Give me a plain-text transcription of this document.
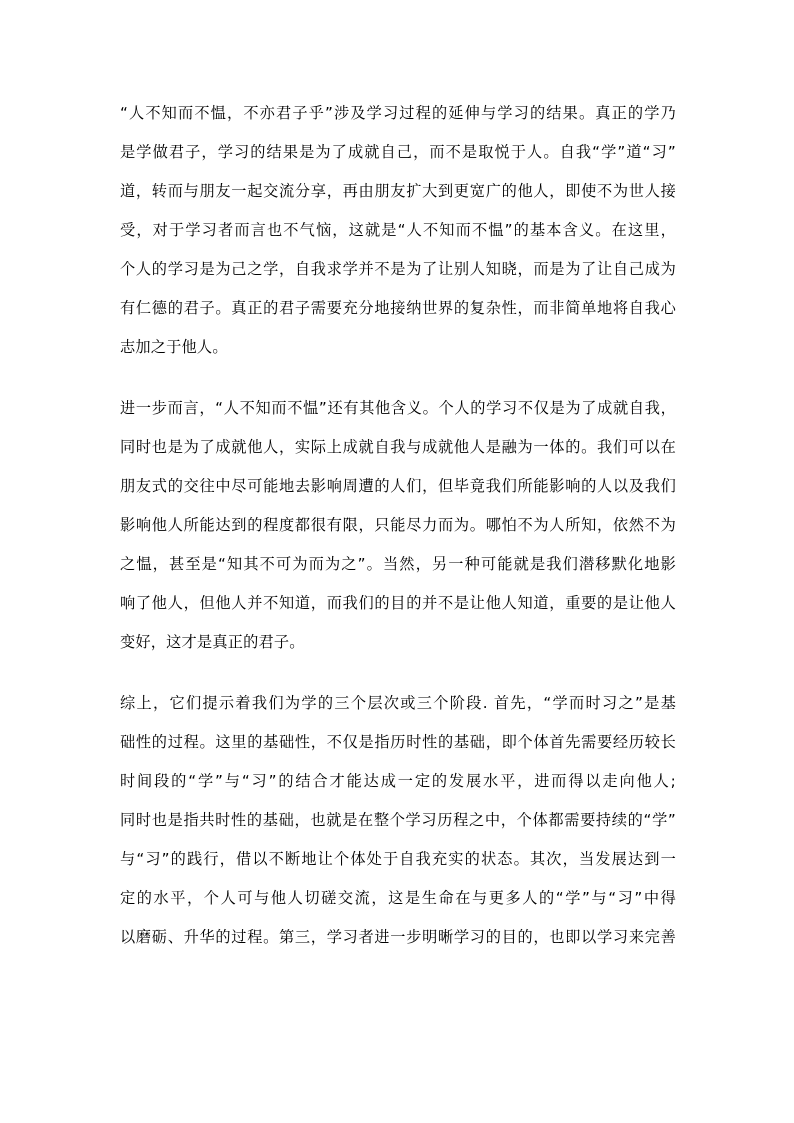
“人不知而不愠，不亦君子乎”涉及学习过程的延伸与学习的结果。真正的学乃
是学做君子，学习的结果是为了成就自己，而不是取悦于人。自我“学”道“习”
道，转而与朋友一起交流分享，再由朋友扩大到更宽广的他人，即使不为世人接
受，对于学习者而言也不气恼，这就是“人不知而不愠”的基本含义。在这里，
个人的学习是为己之学，自我求学并不是为了让别人知晓，而是为了让自己成为
有仁德的君子。真正的君子需要充分地接纳世界的复杂性，而非简单地将自我心
志加之于他人。
进一步而言，“人不知而不愠”还有其他含义。个人的学习不仅是为了成就自我，
同时也是为了成就他人，实际上成就自我与成就他人是融为一体的。我们可以在
朋友式的交往中尽可能地去影响周遭的人们，但毕竟我们所能影响的人以及我们
影响他人所能达到的程度都很有限，只能尽力而为。哪怕不为人所知，依然不为
之愠，甚至是“知其不可为而为之”。当然，另一种可能就是我们潜移默化地影
响了他人，但他人并不知道，而我们的目的并不是让他人知道，重要的是让他人
变好，这才是真正的君子。
综上，它们提示着我们为学的三个层次或三个阶段. 首先，“学而时习之”是基
础性的过程。这里的基础性，不仅是指历时性的基础，即个体首先需要经历较长
时间段的“学”与“习”的结合才能达成一定的发展水平，进而得以走向他人;
同时也是指共时性的基础，也就是在整个学习历程之中，个体都需要持续的“学”
与“习”的践行，借以不断地让个体处于自我充实的状态。其次，当发展达到一
定的水平，个人可与他人切磋交流，这是生命在与更多人的“学”与“习”中得
以磨砺、升华的过程。第三，学习者进一步明晰学习的目的，也即以学习来完善
